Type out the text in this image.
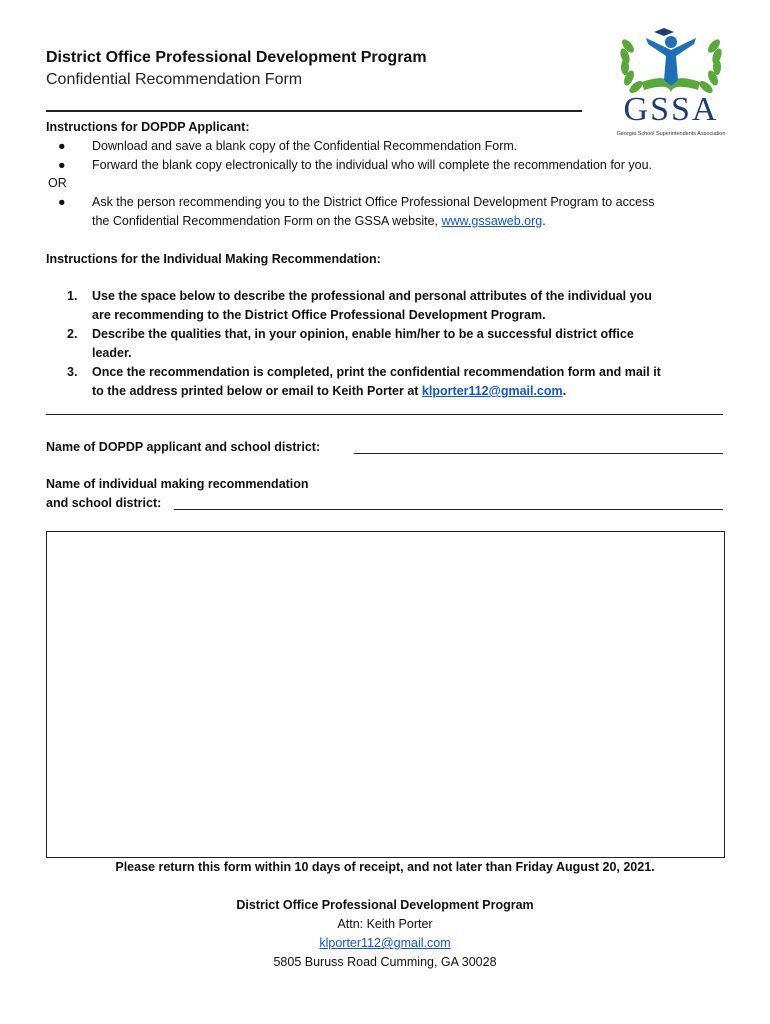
District Office Professional Development Program
Confidential Recommendation Form
GSSA
Georgia School Superintendents Association
Instructions for DOPDP Applicant:
● Download and save a blank copy of the Confidential Recommendation Form.
● Forward the blank copy electronically to the individual who will complete the recommendation for you.
OR
● Ask the person recommending you to the District Office Professional Development Program to access
the Confidential Recommendation Form on the GSSA website, www.gssaweb.org.
Instructions for the Individual Making Recommendation:
1. Use the space below to describe the professional and personal attributes of the individual you
are recommending to the District Office Professional Development Program.
2. Describe the qualities that, in your opinion, enable him/her to be a successful district office
leader.
3. Once the recommendation is completed, print the confidential recommendation form and mail it
to the address printed below or email to Keith Porter at klporter112@gmail.com.
Name of DOPDP applicant and school district:
Name of individual making recommendation
and school district:
Please return this form within 10 days of receipt, and not later than Friday August 20, 2021.
District Office Professional Development Program
Attn: Keith Porter
klporter112@gmail.com
5805 Buruss Road Cumming, GA 30028
